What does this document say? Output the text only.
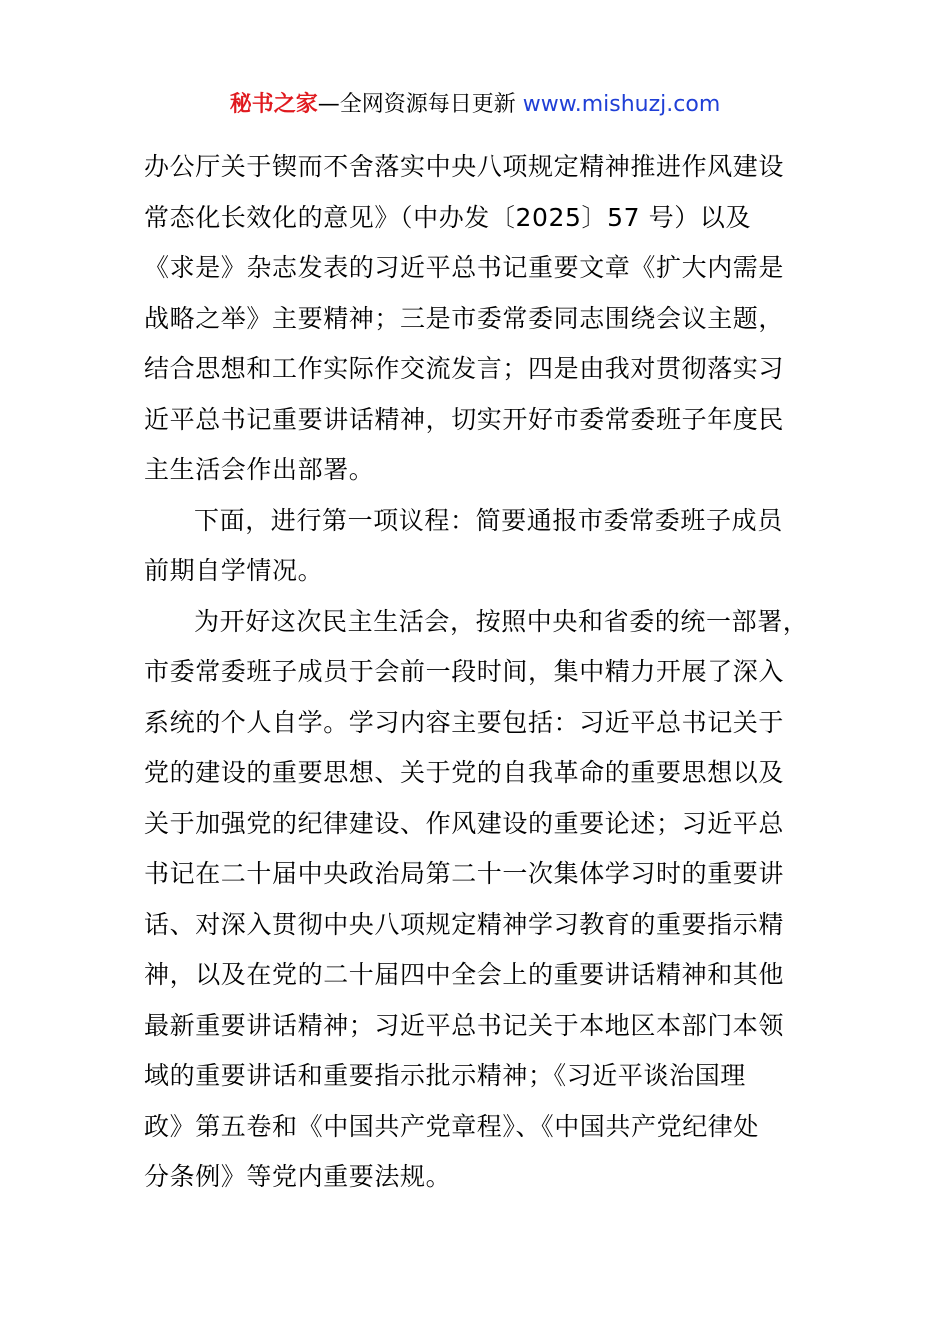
秘书之家—全网资源每日更新 www.mishuzj.com
办公厅关于锲而不舍落实中央八项规定精神推进作风建设
常态化长效化的意见》（中办发〔2025〕57 号）以及
《求是》杂志发表的习近平总书记重要文章《扩大内需是
战略之举》主要精神；三是市委常委同志围绕会议主题，
结合思想和工作实际作交流发言；四是由我对贯彻落实习
近平总书记重要讲话精神，切实开好市委常委班子年度民
主生活会作出部署。
下面，进行第一项议程：简要通报市委常委班子成员
前期自学情况。
为开好这次民主生活会，按照中央和省委的统一部署，
市委常委班子成员于会前一段时间，集中精力开展了深入
系统的个人自学。学习内容主要包括：习近平总书记关于
党的建设的重要思想、关于党的自我革命的重要思想以及
关于加强党的纪律建设、作风建设的重要论述；习近平总
书记在二十届中央政治局第二十一次集体学习时的重要讲
话、对深入贯彻中央八项规定精神学习教育的重要指示精
神，以及在党的二十届四中全会上的重要讲话精神和其他
最新重要讲话精神；习近平总书记关于本地区本部门本领
域的重要讲话和重要指示批示精神；《习近平谈治国理
政》第五卷和《中国共产党章程》、《中国共产党纪律处
分条例》等党内重要法规。
